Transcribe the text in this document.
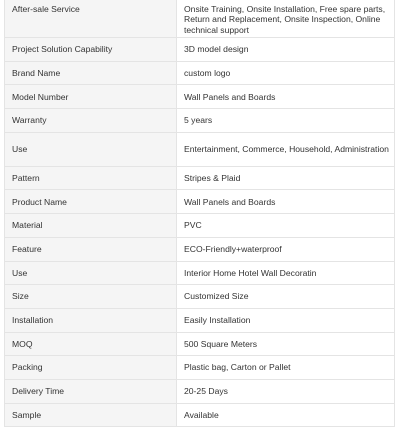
After-sale Service	Onsite Training, Onsite Installation, Free spare parts, Return and Replacement, Onsite Inspection, Online technical support
Project Solution Capability	3D model design
Brand Name	custom logo
Model Number	Wall Panels and Boards
Warranty	5 years
Use	Entertainment, Commerce, Household, Administration
Pattern	Stripes & Plaid
Product Name	Wall Panels and Boards
Material	PVC
Feature	ECO-Friendly+waterproof
Use	Interior Home Hotel Wall Decoratin
Size	Customized Size
Installation	Easily Installation
MOQ	500 Square Meters
Packing	Plastic bag, Carton or Pallet
Delivery Time	20-25 Days
Sample	Available
